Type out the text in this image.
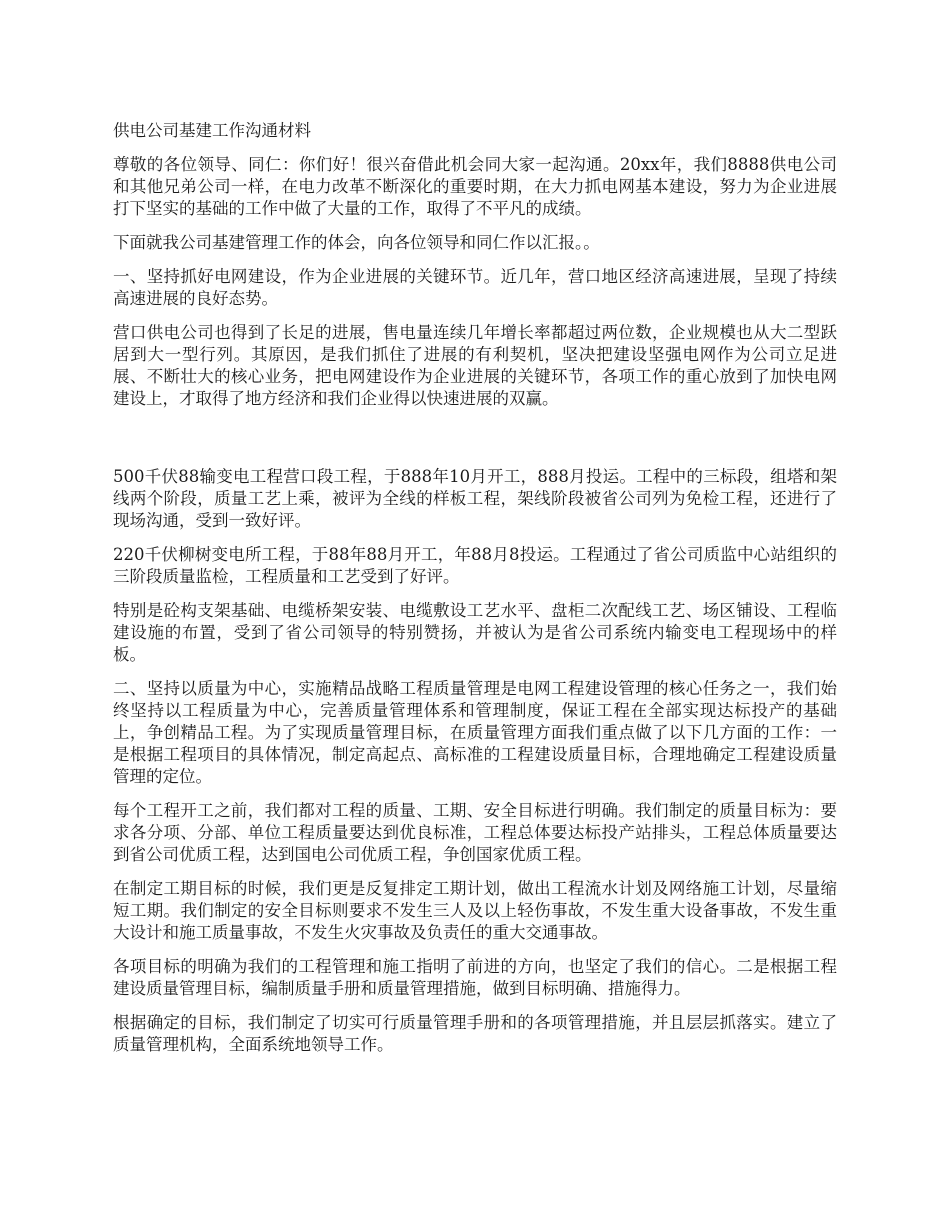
供电公司基建工作沟通材料

尊敬的各位领导、同仁：你们好！很兴奋借此机会同大家一起沟通。20xx年，我们8888供电公司和其他兄弟公司一样，在电力改革不断深化的重要时期，在大力抓电网基本建设，努力为企业进展打下坚实的基础的工作中做了大量的工作，取得了不平凡的成绩。

下面就我公司基建管理工作的体会，向各位领导和同仁作以汇报。。

一、坚持抓好电网建设，作为企业进展的关键环节。近几年，营口地区经济高速进展，呈现了持续高速进展的良好态势。

营口供电公司也得到了长足的进展，售电量连续几年增长率都超过两位数，企业规模也从大二型跃居到大一型行列。其原因，是我们抓住了进展的有利契机，坚决把建设坚强电网作为公司立足进展、不断壮大的核心业务，把电网建设作为企业进展的关键环节，各项工作的重心放到了加快电网建设上，才取得了地方经济和我们企业得以快速进展的双赢。

500千伏88输变电工程营口段工程，于888年10月开工，888月投运。工程中的三标段，组塔和架线两个阶段，质量工艺上乘，被评为全线的样板工程，架线阶段被省公司列为免检工程，还进行了现场沟通，受到一致好评。

220千伏柳树变电所工程，于88年88月开工，年88月8投运。工程通过了省公司质监中心站组织的三阶段质量监检，工程质量和工艺受到了好评。

特别是砼构支架基础、电缆桥架安装、电缆敷设工艺水平、盘柜二次配线工艺、场区铺设、工程临建设施的布置，受到了省公司领导的特别赞扬，并被认为是省公司系统内输变电工程现场中的样板。

二、坚持以质量为中心，实施精品战略工程质量管理是电网工程建设管理的核心任务之一，我们始终坚持以工程质量为中心，完善质量管理体系和管理制度，保证工程在全部实现达标投产的基础上，争创精品工程。为了实现质量管理目标，在质量管理方面我们重点做了以下几方面的工作：一是根据工程项目的具体情况，制定高起点、高标准的工程建设质量目标，合理地确定工程建设质量管理的定位。

每个工程开工之前，我们都对工程的质量、工期、安全目标进行明确。我们制定的质量目标为：要求各分项、分部、单位工程质量要达到优良标准，工程总体要达标投产站排头，工程总体质量要达到省公司优质工程，达到国电公司优质工程，争创国家优质工程。

在制定工期目标的时候，我们更是反复排定工期计划，做出工程流水计划及网络施工计划，尽量缩短工期。我们制定的安全目标则要求不发生三人及以上轻伤事故，不发生重大设备事故，不发生重大设计和施工质量事故，不发生火灾事故及负责任的重大交通事故。

各项目标的明确为我们的工程管理和施工指明了前进的方向，也坚定了我们的信心。二是根据工程建设质量管理目标，编制质量手册和质量管理措施，做到目标明确、措施得力。

根据确定的目标，我们制定了切实可行质量管理手册和的各项管理措施，并且层层抓落实。建立了质量管理机构，全面系统地领导工作。
